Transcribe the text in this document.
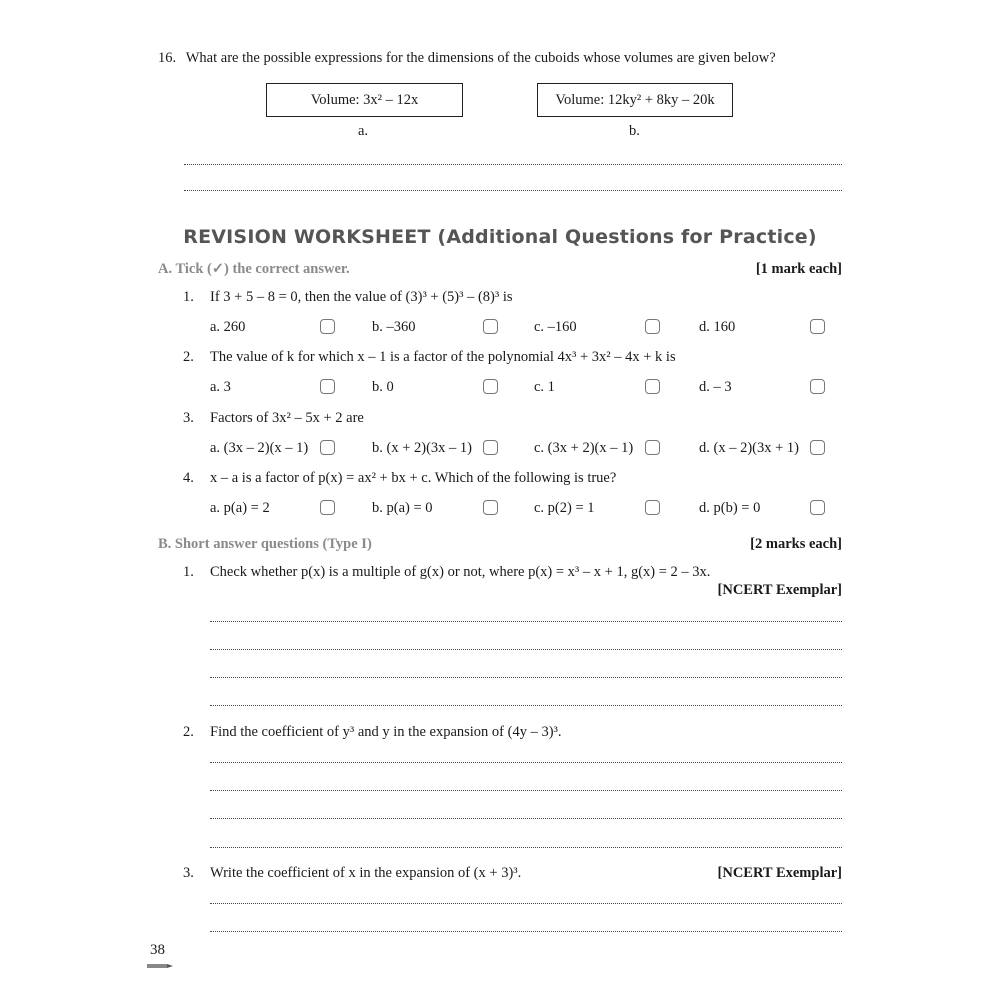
16. What are the possible expressions for the dimensions of the cuboids whose volumes are given below?
Volume: 3x² – 12x	Volume: 12ky² + 8ky – 20k
a.	b.
REVISION WORKSHEET (Additional Questions for Practice)
A. Tick (✓) the correct answer.	[1 mark each]
1. If 3 + 5 – 8 = 0, then the value of (3)³ + (5)³ – (8)³ is
a. 260	b. –360	c. –160	d. 160
2. The value of k for which x – 1 is a factor of the polynomial 4x³ + 3x² – 4x + k is
a. 3	b. 0	c. 1	d. – 3
3. Factors of 3x² – 5x + 2 are
a. (3x – 2)(x – 1)	b. (x + 2)(3x – 1)	c. (3x + 2)(x – 1)	d. (x – 2)(3x + 1)
4. x – a is a factor of p(x) = ax² + bx + c. Which of the following is true?
a. p(a) = 2	b. p(a) = 0	c. p(2) = 1	d. p(b) = 0
B. Short answer questions (Type I)	[2 marks each]
1. Check whether p(x) is a multiple of g(x) or not, where p(x) = x³ – x + 1, g(x) = 2 – 3x.
[NCERT Exemplar]
2. Find the coefficient of y³ and y in the expansion of (4y – 3)³.
3. Write the coefficient of x in the expansion of (x + 3)³.	[NCERT Exemplar]
38
